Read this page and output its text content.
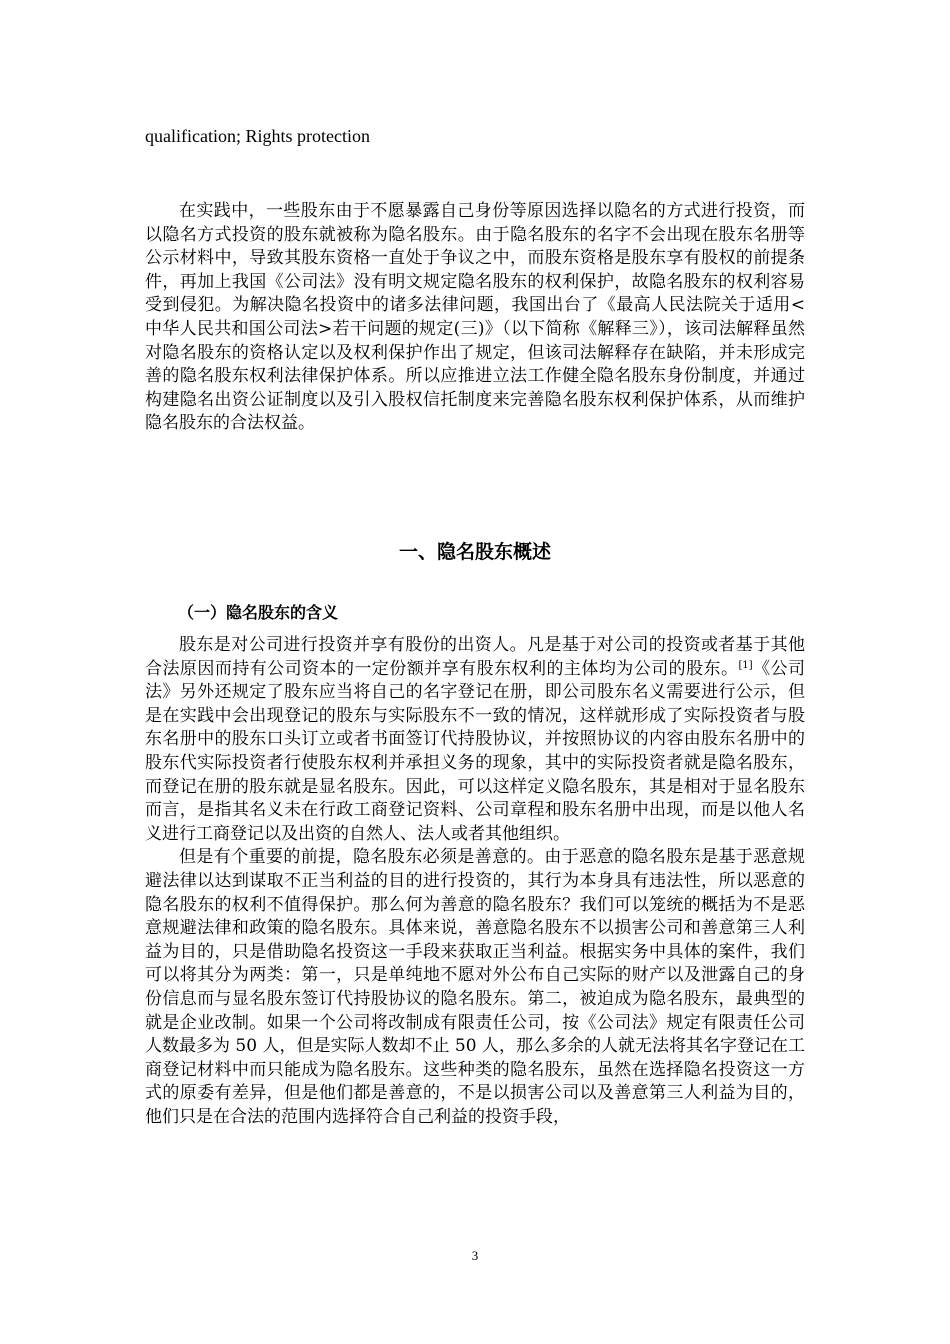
qualification; Rights protection

在实践中，一些股东由于不愿暴露自己身份等原因选择以隐名的方式进行投资，而以隐名方式投资的股东就被称为隐名股东。由于隐名股东的名字不会出现在股东名册等公示材料中，导致其股东资格一直处于争议之中，而股东资格是股东享有股权的前提条件，再加上我国《公司法》没有明文规定隐名股东的权利保护，故隐名股东的权利容易受到侵犯。为解决隐名投资中的诸多法律问题，我国出台了《最高人民法院关于适用<中华人民共和国公司法>若干问题的规定(三)》（以下简称《解释三》），该司法解释虽然对隐名股东的资格认定以及权利保护作出了规定，但该司法解释存在缺陷，并未形成完善的隐名股东权利法律保护体系。所以应推进立法工作健全隐名股东身份制度，并通过构建隐名出资公证制度以及引入股权信托制度来完善隐名股东权利保护体系，从而维护隐名股东的合法权益。

一、隐名股东概述
（一）隐名股东的含义

股东是对公司进行投资并享有股份的出资人。凡是基于对公司的投资或者基于其他合法原因而持有公司资本的一定份额并享有股东权利的主体均为公司的股东。[1]《公司法》另外还规定了股东应当将自己的名字登记在册，即公司股东名义需要进行公示，但是在实践中会出现登记的股东与实际股东不一致的情况，这样就形成了实际投资者与股东名册中的股东口头订立或者书面签订代持股协议，并按照协议的内容由股东名册中的股东代实际投资者行使股东权利并承担义务的现象，其中的实际投资者就是隐名股东，而登记在册的股东就是显名股东。因此，可以这样定义隐名股东，其是相对于显名股东而言，是指其名义未在行政工商登记资料、公司章程和股东名册中出现，而是以他人名义进行工商登记以及出资的自然人、法人或者其他组织。

但是有个重要的前提，隐名股东必须是善意的。由于恶意的隐名股东是基于恶意规避法律以达到谋取不正当利益的目的进行投资的，其行为本身具有违法性，所以恶意的隐名股东的权利不值得保护。那么何为善意的隐名股东？我们可以笼统的概括为不是恶意规避法律和政策的隐名股东。具体来说，善意隐名股东不以损害公司和善意第三人利益为目的，只是借助隐名投资这一手段来获取正当利益。根据实务中具体的案件，我们可以将其分为两类：第一，只是单纯地不愿对外公布自己实际的财产以及泄露自己的身份信息而与显名股东签订代持股协议的隐名股东。第二，被迫成为隐名股东，最典型的就是企业改制。如果一个公司将改制成有限责任公司，按《公司法》规定有限责任公司人数最多为 50 人，但是实际人数却不止 50 人，那么多余的人就无法将其名字登记在工商登记材料中而只能成为隐名股东。这些种类的隐名股东，虽然在选择隐名投资这一方式的原委有差异，但是他们都是善意的，不是以损害公司以及善意第三人利益为目的，他们只是在合法的范围内选择符合自己利益的投资手段，

3
